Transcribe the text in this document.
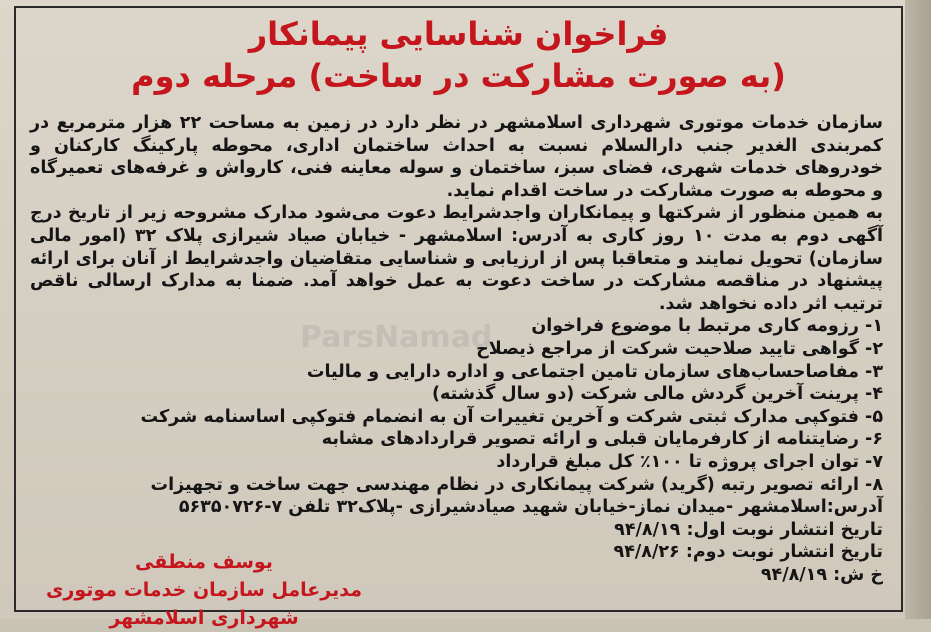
فراخوان شناسایی پیمانکار
(به صورت مشارکت در ساخت) مرحله دوم

سازمان خدمات موتوری شهرداری اسلامشهر در نظر دارد در زمین به مساحت ۲۲ هزار مترمربع در کمربندی الغدیر جنب دارالسلام نسبت به احداث ساختمان اداری، محوطه پارکینگ کارکنان و خودروهای خدمات شهری، فضای سبز، ساختمان و سوله معاینه فنی، کارواش و غرفه‌های تعمیرگاه و محوطه به صورت مشارکت در ساخت اقدام نماید.

به همین منظور از شرکتها و پیمانکاران واجدشرایط دعوت می‌شود مدارک مشروحه زیر از تاریخ درج آگهی دوم به مدت ۱۰ روز کاری به آدرس: اسلامشهر - خیابان صیاد شیرازی پلاک ۳۲ (امور مالی سازمان) تحویل نمایند و متعاقبا پس از ارزیابی و شناسایی متقاضیان واجدشرایط از آنان برای ارائه پیشنهاد در مناقصه مشارکت در ساخت دعوت به عمل خواهد آمد. ضمنا به مدارک ارسالی ناقص ترتیب اثر داده نخواهد شد.

۱- رزومه کاری مرتبط با موضوع فراخوان
۲- گواهی تایید صلاحیت شرکت از مراجع ذیصلاح
۳- مفاصاحساب‌های سازمان تامین اجتماعی و اداره دارایی و مالیات
۴- پرینت آخرین گردش مالی شرکت (دو سال گذشته)
۵- فتوکپی مدارک ثبتی شرکت و آخرین تغییرات آن به انضمام فتوکپی اساسنامه شرکت
۶- رضایتنامه از کارفرمایان قبلی و ارائه تصویر قراردادهای مشابه
۷- توان اجرای پروژه تا ۱۰۰٪ کل مبلغ قرارداد
۸- ارائه تصویر رتبه (گرید) شرکت پیمانکاری در نظام مهندسی جهت ساخت و تجهیزات

آدرس:اسلامشهر -میدان نماز-خیابان شهید صیادشیرازی -پلاک۳۲ تلفن ۷-۵۶۳۵۰۷۲۶

تاریخ انتشار نوبت اول: ۹۴/۸/۱۹

تاریخ انتشار نوبت دوم: ۹۴/۸/۲۶

خ ش: ۹۴/۸/۱۹

یوسف منطقی
مدیرعامل سازمان خدمات موتوری شهرداری اسلامشهر
ParsNamad
